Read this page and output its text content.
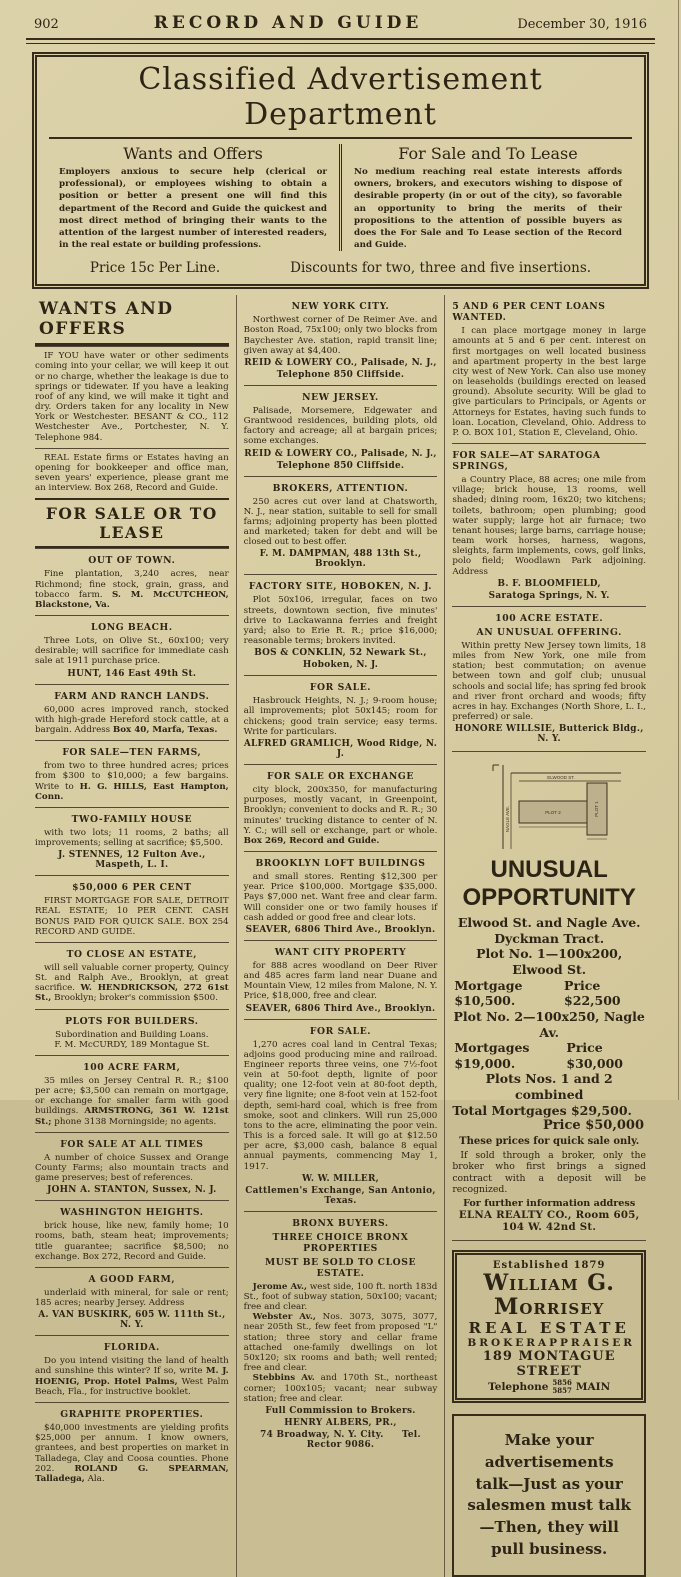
902	RECORD AND GUIDE	December 30, 1916
Classified Advertisement Department
Wants and Offers
Employers anxious to secure help (clerical or professional), or employees wishing to obtain a position or better a present one will find this department of the Record and Guide the quickest and most direct method of bringing their wants to the attention of the largest number of interested readers, in the real estate or building professions.
For Sale and To Lease
No medium reaching real estate interests affords owners, brokers, and executors wishing to dispose of desirable property (in or out of the city), so favorable an opportunity to bring the merits of their propositions to the attention of possible buyers as does the For Sale and To Lease section of the Record and Guide.
Price 15c Per Line.	Discounts for two, three and five insertions.
WANTS AND OFFERS

IF YOU have water or other sediments coming into your cellar, we will keep it out or no charge, whether the leakage is due to springs or tidewater. If you have a leaking roof of any kind, we will make it tight and dry. Orders taken for any locality in New York or Westchester. BESANT & CO., 112 Westchester Ave., Portchester, N. Y. Telephone 984.

REAL Estate firms or Estates having an opening for bookkeeper and office man, seven years' experience, please grant me an interview. Box 268, Record and Guide.

FOR SALE OR TO LEASE
OUT OF TOWN.

Fine plantation, 3,240 acres, near Richmond; fine stock, grain, grass, and tobacco farm. S. M. McCUTCHEON, Blackstone, Va.

LONG BEACH.

Three Lots, on Olive St., 60x100; very desirable; will sacrifice for immediate cash sale at 1911 purchase price.

HUNT, 146 East 49th St.
FARM AND RANCH LANDS.

60,000 acres improved ranch, stocked with high-grade Hereford stock cattle, at a bargain. Address Box 40, Marfa, Texas.

FOR SALE—TEN FARMS,

from two to three hundred acres; prices from $300 to $10,000; a few bargains. Write to H. G. HILLS, East Hampton, Conn.

TWO-FAMILY HOUSE

with two lots; 11 rooms, 2 baths; all improvements; selling at sacrifice; $5,500.

J. STENNES, 12 Fulton Ave., Maspeth, L. I.
$50,000 6 PER CENT

FIRST MORTGAGE FOR SALE, DETROIT REAL ESTATE; 10 PER CENT. CASH BONUS PAID FOR QUICK SALE. BOX 254 RECORD AND GUIDE.

TO CLOSE AN ESTATE,

will sell valuable corner property, Quincy St. and Ralph Ave., Brooklyn, at great sacrifice. W. HENDRICKSON, 272 61st St., Brooklyn; broker's commission $500.

PLOTS FOR BUILDERS.

Subordination and Building Loans.

F. M. McCURDY, 189 Montague St.

100 ACRE FARM,

35 miles on Jersey Central R. R.; $100 per acre; $3,500 can remain on mortgage, or exchange for smaller farm with good buildings. ARMSTRONG, 361 W. 121st St.; phone 3138 Morningside; no agents.

FOR SALE AT ALL TIMES

A number of choice Sussex and Orange County Farms; also mountain tracts and game preserves; best of references.

JOHN A. STANTON, Sussex, N. J.
WASHINGTON HEIGHTS.

brick house, like new, family home; 10 rooms, bath, steam heat; improvements; title guarantee; sacrifice $8,500; no exchange. Box 272, Record and Guide.

A GOOD FARM,

underlaid with mineral, for sale or rent; 185 acres; nearby Jersey. Address

A. VAN BUSKIRK, 605 W. 111th St., N. Y.
FLORIDA.

Do you intend visiting the land of health and sunshine this winter? If so, write M. J. HOENIG, Prop. Hotel Palms, West Palm Beach, Fla., for instructive booklet.

GRAPHITE PROPERTIES.

$40,000 investments are yielding profits $25,000 per annum. I know owners, grantees, and best properties on market in Talladega, Clay and Coosa counties. Phone 202. ROLAND G. SPEARMAN, Talladega, Ala.

NEW YORK CITY.

Northwest corner of De Reimer Ave. and Boston Road, 75x100; only two blocks from Baychester Ave. station, rapid transit line; given away at $4,400.

REID & LOWERY CO., Palisade, N. J.,
Telephone 850 Cliffside.
NEW JERSEY.

Palisade, Morsemere, Edgewater and Grantwood residences, building plots, old factory and acreage; all at bargain prices; some exchanges.

REID & LOWERY CO., Palisade, N. J.,
Telephone 850 Cliffside.
BROKERS, ATTENTION.

250 acres cut over land at Chatsworth, N. J., near station, suitable to sell for small farms; adjoining property has been plotted and marketed; taken for debt and will be closed out to best offer.

F. M. DAMPMAN, 488 13th St., Brooklyn.
FACTORY SITE, HOBOKEN, N. J.

Plot 50x106, irregular, faces on two streets, downtown section, five minutes' drive to Lackawanna ferries and freight yard; also to Erie R. R.; price $16,000; reasonable terms; brokers invited.

BOS & CONKLIN, 52 Newark St.,
Hoboken, N. J.
FOR SALE.

Hasbrouck Heights, N. J.; 9-room house; all improvements; plot 50x145; room for chickens; good train service; easy terms. Write for particulars.

ALFRED GRAMLICH, Wood Ridge, N. J.
FOR SALE OR EXCHANGE

city block, 200x350, for manufacturing purposes, mostly vacant, in Greenpoint, Brooklyn; convenient to docks and R. R.; 30 minutes' trucking distance to center of N. Y. C.; will sell or exchange, part or whole. Box 269, Record and Guide.

BROOKLYN LOFT BUILDINGS

and small stores. Renting $12,300 per year. Price $100,000. Mortgage $35,000. Pays $7,000 net. Want free and clear farm. Will consider one or two family houses if cash added or good free and clear lots.

SEAVER, 6806 Third Ave., Brooklyn.
WANT CITY PROPERTY

for 888 acres woodland on Deer River and 485 acres farm land near Duane and Mountain View, 12 miles from Malone, N. Y. Price, $18,000, free and clear.

SEAVER, 6806 Third Ave., Brooklyn.
FOR SALE.

1,270 acres coal land in Central Texas; adjoins good producing mine and railroad. Engineer reports three veins, one 7½-foot vein at 50-foot depth, lignite of poor quality; one 12-foot vein at 80-foot depth, very fine lignite; one 8-foot vein at 152-foot depth, semi-hard coal, which is free from smoke, soot and clinkers. Will run 25,000 tons to the acre, eliminating the poor vein. This is a forced sale. It will go at $12.50 per acre, $3,000 cash, balance 8 equal annual payments, commencing May 1, 1917.

W. W. MILLER,
Cattlemen's Exchange, San Antonio, Texas.
BRONX BUYERS.
THREE CHOICE BRONX PROPERTIES
MUST BE SOLD TO CLOSE ESTATE.

Jerome Av., west side, 100 ft. north 183d St., foot of subway station, 50x100; vacant; free and clear.

Webster Av., Nos. 3073, 3075, 3077, near 205th St., few feet from proposed "L" station; three story and cellar frame attached one-family dwellings on lot 50x120; six rooms and bath; well rented; free and clear.

Stebbins Av. and 170th St., northeast corner; 100x105; vacant; near subway station; free and clear.

Full Commission to Brokers.
HENRY ALBERS, PR.,
74 Broadway, N. Y. City.  Tel. Rector 9086.
5 AND 6 PER CENT LOANS WANTED.

I can place mortgage money in large amounts at 5 and 6 per cent. interest on first mortgages on well located business and apartment property in the best large city west of New York. Can also use money on leaseholds (buildings erected on leased ground). Absolute security. Will be glad to give particulars to Principals, or Agents or Attorneys for Estates, having such funds to loan. Location, Cleveland, Ohio. Address to P. O. BOX 101, Station E, Cleveland, Ohio.

FOR SALE—AT SARATOGA SPRINGS,

a Country Place, 88 acres; one mile from village; brick house, 13 rooms, well shaded; dining room, 16x20; two kitchens; toilets, bathroom; open plumbing; good water supply; large hot air furnace; two tenant houses; large barns, carriage house; team work horses, harness, wagons, sleights, farm implements, cows, golf links, polo field; Woodlawn Park adjoining. Address

B. F. BLOOMFIELD,
Saratoga Springs, N. Y.
100 ACRE ESTATE.
AN UNUSUAL OFFERING.

Within pretty New Jersey town limits, 18 miles from New York, one mile from station; best commutation; on avenue between town and golf club; unusual schools and social life; has spring fed brook and river front orchard and woods; fifty acres in hay. Exchanges (North Shore, L. I., preferred) or sale.

HONORE WILLSIE, Butterick Bldg., N. Y.
ELWOOD ST.
NAGLE AVE.	PLOT 2	PLOT 1
UNUSUAL OPPORTUNITY
Elwood St. and Nagle Ave.
Dyckman Tract.
Plot No. 1—100x200, Elwood St.
Mortgage $10,500.
Price $22,500
Plot No. 2—100x250, Nagle Av.
Mortgages $19,000.
Price $30,000
Plots Nos. 1 and 2 combined
Total Mortgages $29,500.
Price $50,000
These prices for quick sale only.
If sold through a broker, only the broker who first brings a signed contract with a deposit will be recognized.
For further information address
ELNA REALTY CO., Room 605, 104 W. 42nd St.
Established 1879
William G. Morrisey
REAL ESTATE
BROKER APPRAISER
189 MONTAGUE STREET
Telephone 5856
5857 MAIN
Make your advertisements talk—Just as your salesmen must talk—Then, they will pull business.
